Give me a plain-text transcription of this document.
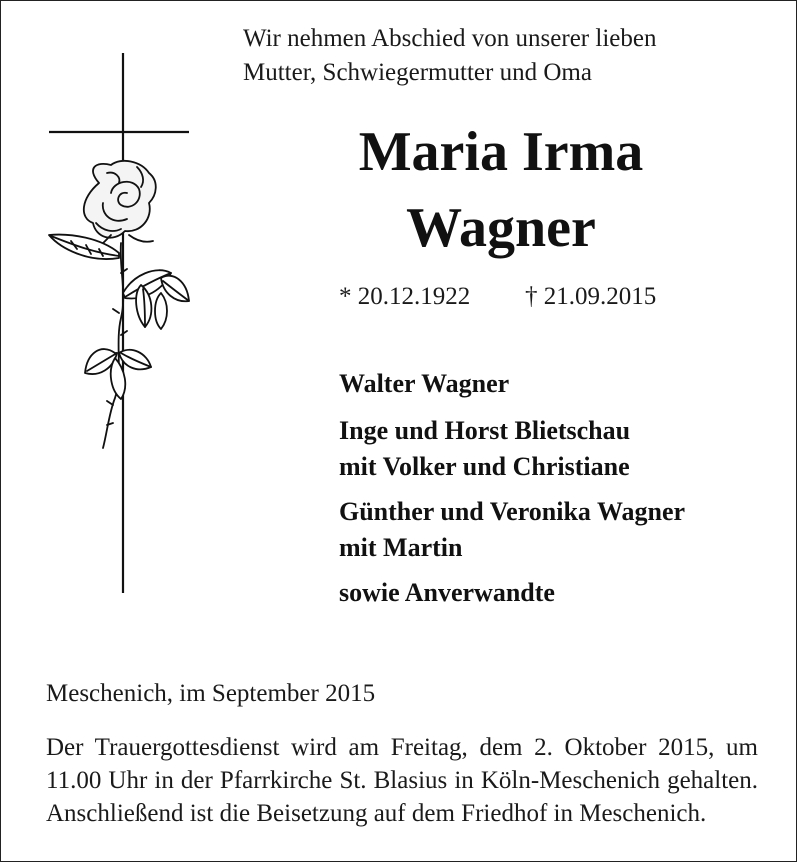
Wir nehmen Abschied von unserer lieben
Mutter, Schwiegermutter und Oma
Maria Irma
Wagner
* 20.12.1922 † 21.09.2015
Walter Wagner
Inge und Horst Blietschau
mit Volker und Christiane
Günther und Veronika Wagner
mit Martin
sowie Anverwandte
Meschenich, im September 2015
Der Trauergottesdienst wird am Freitag, dem 2. Oktober 2015, um 11.00 Uhr in der Pfarrkirche St. Blasius in Köln-Meschenich gehalten. Anschließend ist die Beisetzung auf dem Friedhof in Meschenich.
